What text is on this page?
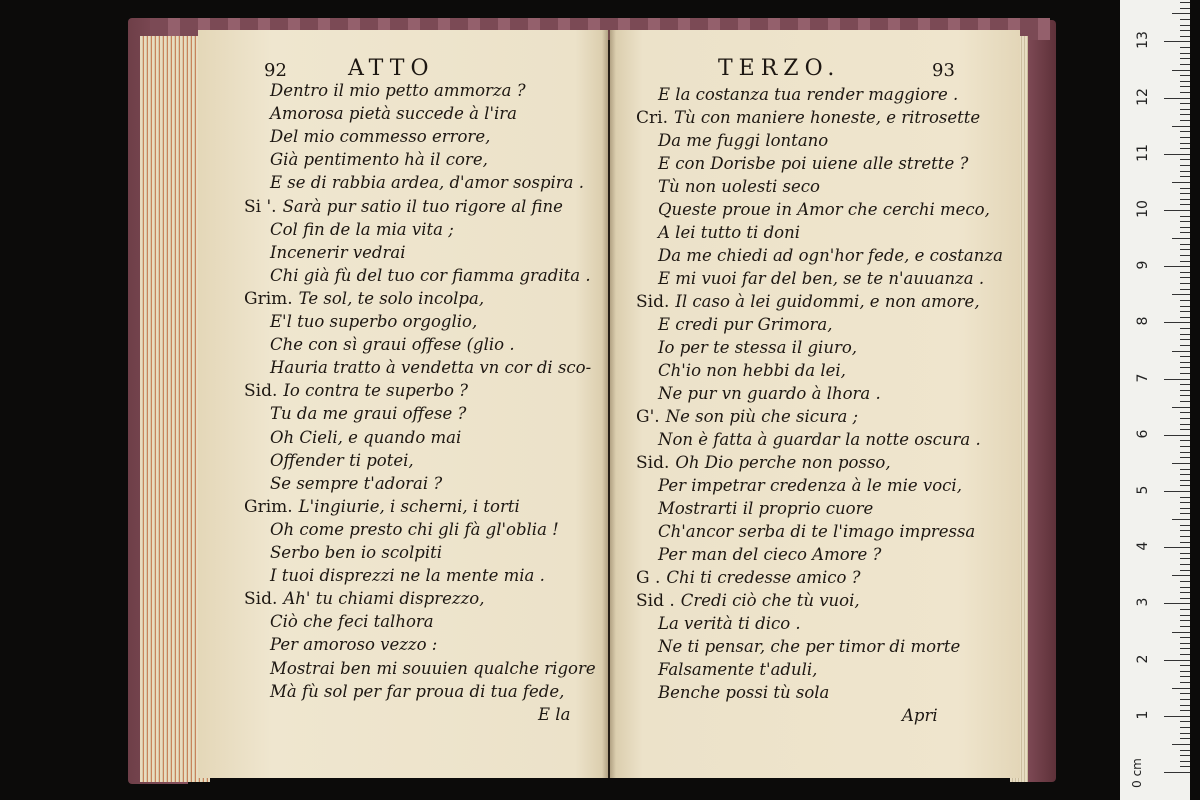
92	ATTO
Dentro il mio petto ammorza ?
Amorosa pietà succede à l'ira
Del mio commesso errore,
Già pentimento hà il core,
E se di rabbia ardea, d'amor sospira .
Si '. Sarà pur satio il tuo rigore al fine
Col fin de la mia vita ;
Incenerir vedrai
Chi già fù del tuo cor fiamma gradita .
Grim. Te sol, te solo incolpa,
E'l tuo superbo orgoglio,
Che con sì graui offese (glio .
Hauria tratto à vendetta vn cor di sco-
Sid. Io contra te superbo ?
Tu da me graui offese ?
Oh Cieli, e quando mai
Offender ti potei,
Se sempre t'adorai ?
Grim. L'ingiurie, i scherni, i torti
Oh come presto chi gli fà gl'oblia !
Serbo ben io scolpiti
I tuoi disprezzi ne la mente mia .
Sid. Ah' tu chiami disprezzo,
Ciò che feci talhora
Per amoroso vezzo :
Mostrai ben mi souuien qualche rigore
Mà fù sol per far proua di tua fede,
E la
TERZO.	93
E la costanza tua render maggiore .
Cri. Tù con maniere honeste, e ritrosette
Da me fuggi lontano
E con Dorisbe poi uiene alle strette ?
Tù non uolesti seco
Queste proue in Amor che cerchi meco,
A lei tutto ti doni
Da me chiedi ad ogn'hor fede, e costanza
E mi vuoi far del ben, se te n'auuanza .
Sid. Il caso à lei guidommi, e non amore,
E credi pur Grimora,
Io per te stessa il giuro,
Ch'io non hebbi da lei,
Ne pur vn guardo à lhora .
G'. Ne son più che sicura ;
Non è fatta à guardar la notte oscura .
Sid. Oh Dio perche non posso,
Per impetrar credenza à le mie voci,
Mostrarti il proprio cuore
Ch'ancor serba di te l'imago impressa
Per man del cieco Amore ?
G . Chi ti credesse amico ?
Sid . Credi ciò che tù vuoi,
La verità ti dico .
Ne ti pensar, che per timor di morte
Falsamente t'aduli,
Benche possi tù sola
Apri	1
2
3
4
5
6
7
8
9
10
11
12
13
0 cm
